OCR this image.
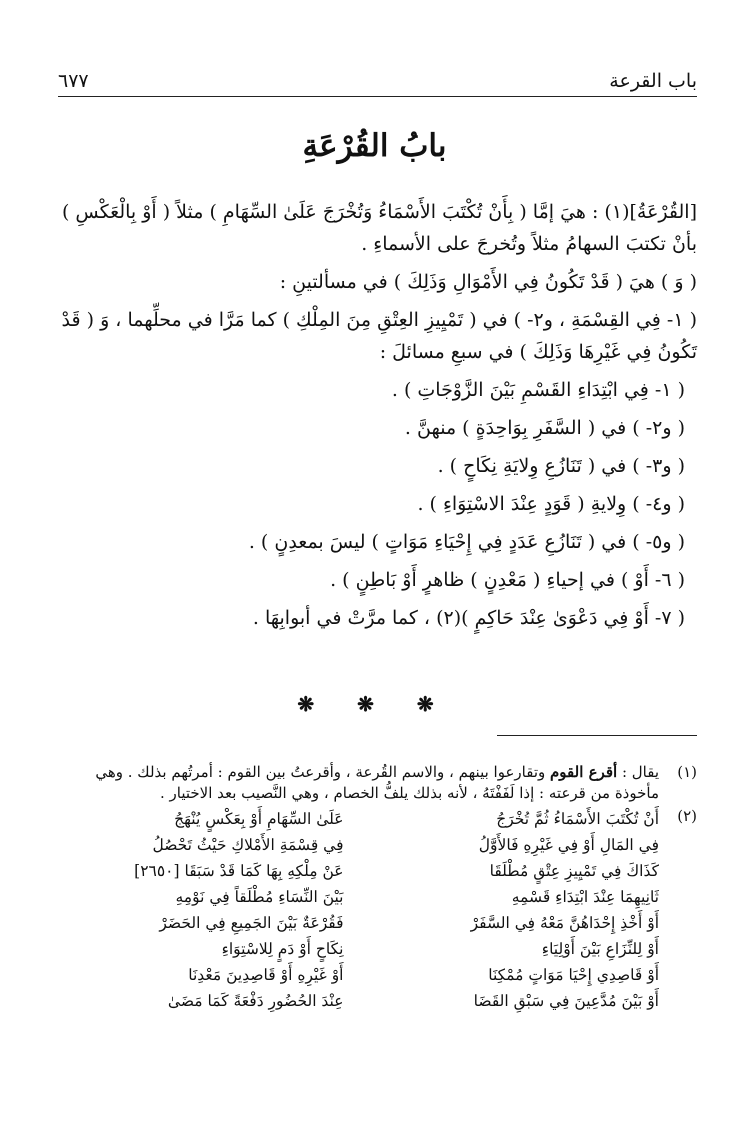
باب القرعة
٦٧٧
بابُ القُرْعَةِ

[القُرْعَةُ](١) : هيَ إمَّا ( بِأَنْ تُكْتَبَ الأَسْمَاءُ وَتُخْرَجَ عَلَىٰ السِّهَامِ ) مثلاً ( أَوْ بِالْعَكْسِ ) بأنْ تكتبَ السهامُ مثلاً وتُخرجَ على الأسماءِ .

( وَ ) هيَ ( قَدْ تَكُونُ فِي الأَمْوَالِ وَذَلِكَ ) في مسألتينِ :

( ١- فِي القِسْمَةِ ، و٢- ) في ( تَمْيِيزِ العِتْقِ مِنَ المِلْكِ ) كما مَرَّا في محلِّهما ، وَ ( قَدْ تَكُونُ فِي غَيْرِهَا وَذَلِكَ ) في سبعِ مسائلَ :

( ١- فِي ابْتِدَاءِ القَسْمِ بَيْنَ الزَّوْجَاتِ ) .

( و٢- ) في ( السَّفَرِ بِوَاحِدَةٍ ) منهنَّ .

( و٣- ) في ( تَنَازُعِ وِلايَةِ نِكَاحٍ ) .

( و٤- ) وِلايةِ ( قَوَدٍ عِنْدَ الاسْتِوَاءِ ) .

( و٥- ) في ( تَنَازُعِ عَدَدٍ فِي إِحْيَاءِ مَوَاتٍ ) ليسَ بمعدِنٍ ) .

( ٦- أَوْ ) في إحياءِ ( مَعْدِنٍ ) ظاهرٍ أَوْ بَاطِنٍ ) .

( ٧- أَوْ فِي دَعْوَىٰ عِنْدَ حَاكِمٍ )(٢) ، كما مرَّتْ في أبوابِهَا .

❋ ❋ ❋
(١)
يقال : أقرع القوم وتقارعوا بينهم ، والاسم القُرعة ، وأقرعتُ بين القوم : أمرتُهم بذلك . وهي مأخوذة من قرعته : إذا لَفَفْتَهُ ، لأنه بذلك يلفُّ الخصام ، وهي النَّصيب بعد الاختيار .
(٢)
أَنْ تُكْتَبَ الأَسْمَاءُ ثُمَّ تُخْرَجُ
عَلَىٰ السِّهَامِ أَوْ بِعَكْسٍ يُنْهَجُ
فِي المَالِ أَوْ فِي غَيْرِهِ فَالأَوَّلُ
فِي قِسْمَةِ الأَمْلاكِ حَيْثُ تَحْصُلُ
كَذَاكَ فِي تَمْيِيزِ عِتْقٍ مُطْلَقَا
عَنْ مِلْكِهِ بِهَا كَمَا قَدْ سَبَقَا [٢٦٥٠]
ثَانِيهِمَا عِنْدَ ابْتِدَاءِ قَسْمِهِ
بَيْنَ النِّسَاءِ مُطْلَقاً فِي نَوْمِهِ
أَوْ أَخْذِ إِحْدَاهُنَّ مَعْهُ فِي السَّفَرْ
فَقُرْعَةٌ بَيْنَ الجَمِيعِ فِي الحَضَرْ
أَوْ لِلنِّزَاعِ بَيْنَ أَوْلِيَاءِ
نِكَاحٍ أَوْ دَمٍ لِلاسْتِوَاءِ
أَوْ قَاصِدِي إِحْيَا مَوَاتٍ مُمْكِنَا
أَوْ غَيْرِهِ أَوْ قَاصِدِينَ مَعْدِنَا
أَوْ بَيْنَ مُدَّعِينَ فِي سَبْقِ القَضَا
عِنْدَ الحُضُورِ دَفْعَةً كَمَا مَضَىٰ
